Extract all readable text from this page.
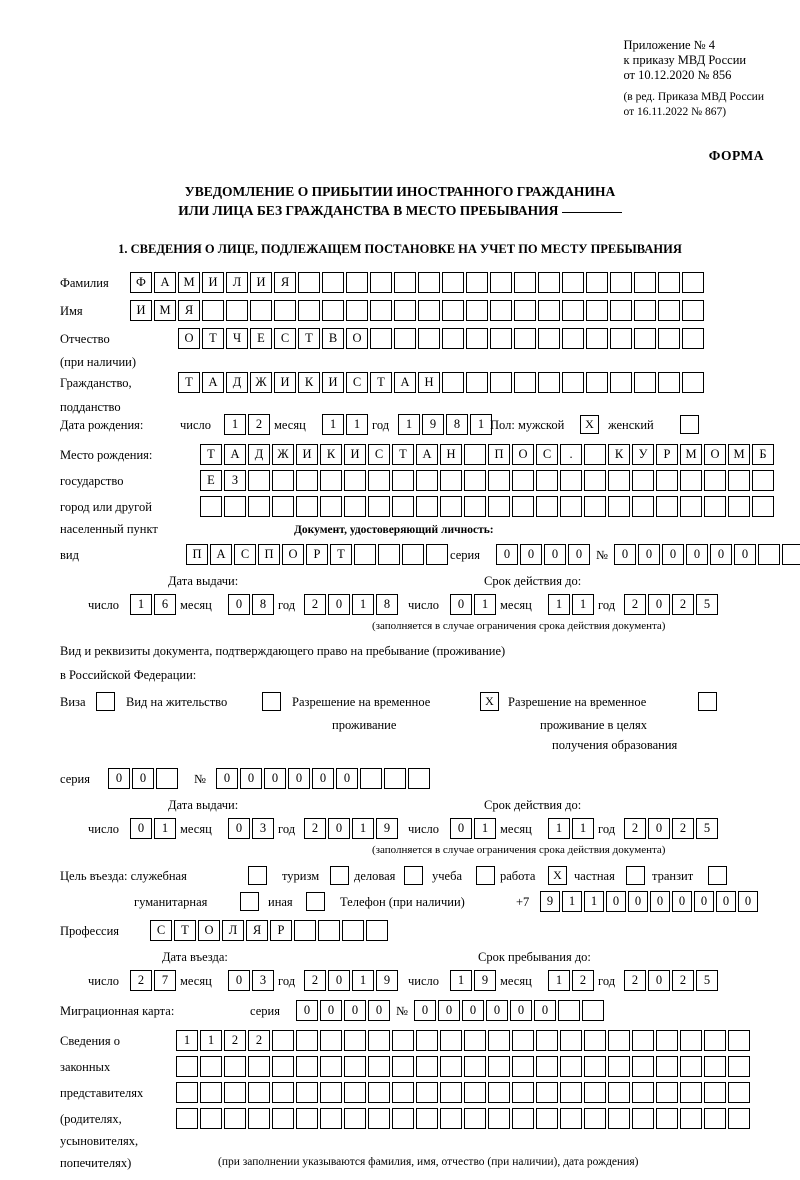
Приложение № 4
к приказу МВД России
от 10.12.2020 № 856
(в ред. Приказа МВД России
от 16.11.2022 № 867)
ФОРМА
УВЕДОМЛЕНИЕ О ПРИБЫТИИ ИНОСТРАННОГО ГРАЖДАНИНА
ИЛИ ЛИЦА БЕЗ ГРАЖДАНСТВА В МЕСТО ПРЕБЫВАНИЯ
1. СВЕДЕНИЯ О ЛИЦЕ, ПОДЛЕЖАЩЕМ ПОСТАНОВКЕ НА УЧЕТ ПО МЕСТУ ПРЕБЫВАНИЯ
Фамилия	Ф	А	М	И	Л	И	Я
Имя	И	М	Я
Отчество	О	Т	Ч	Е	С	Т	В	О
(при наличии)
Гражданство,	Т	А	Д	Ж	И	К	И	С	Т	А	Н
подданство
Дата рождения:	число	1	2 месяц	1	1 год	1	9	8	1 Пол: мужской	X	женский
Место рождения:	Т	А	Д	Ж	И	К	И	С	Т	А	Н	П	О	С	.	К	У	Р	М	О	М	Б
государство	Е	З
город или другой
населенный пункт	Документ, удостоверяющий личность:
вид	П	А	С	П	О	Р	Т	серия	0	0	0	0	№	0	0	0	0	0	0
Дата выдачи:	Срок действия до:
число	1	6 месяц	0	8 год	2	0	1	8	число	0	1 месяц	1	1 год	2	0	2	5
(заполняется в случае ограничения срока действия документа)
Вид и реквизиты документа, подтверждающего право на пребывание (проживание)
в Российской Федерации:
Виза	Вид на жительство	Разрешение на временное	X	Разрешение на временное
проживание	проживание в целях
получения образования
серия	0	0	№	0	0	0	0	0	0
Дата выдачи:	Срок действия до:
число	0	1 месяц	0	3 год	2	0	1	9	число	0	1 месяц	1	1 год	2	0	2	5
(заполняется в случае ограничения срока действия документа)
Цель въезда: служебная	туризм	деловая	учеба	работа	X частная	транзит
гуманитарная	иная	Телефон (при наличии)	+7	9	1	1	0	0	0	0	0	0	0
Профессия	С	Т	О	Л	Я	Р
Дата въезда:	Срок пребывания до:
число	2	7 месяц	0	3 год	2	0	1	9	число	1	9 месяц	1	2 год	2	0	2	5
Миграционная карта:	серия	0	0	0	0	№	0	0	0	0	0	0
Сведения о	1	1	2	2
законных
представителях
(родителях,
усыновителях,
попечителях)	(при заполнении указываются фамилия, имя, отчество (при наличии), дата рождения)
